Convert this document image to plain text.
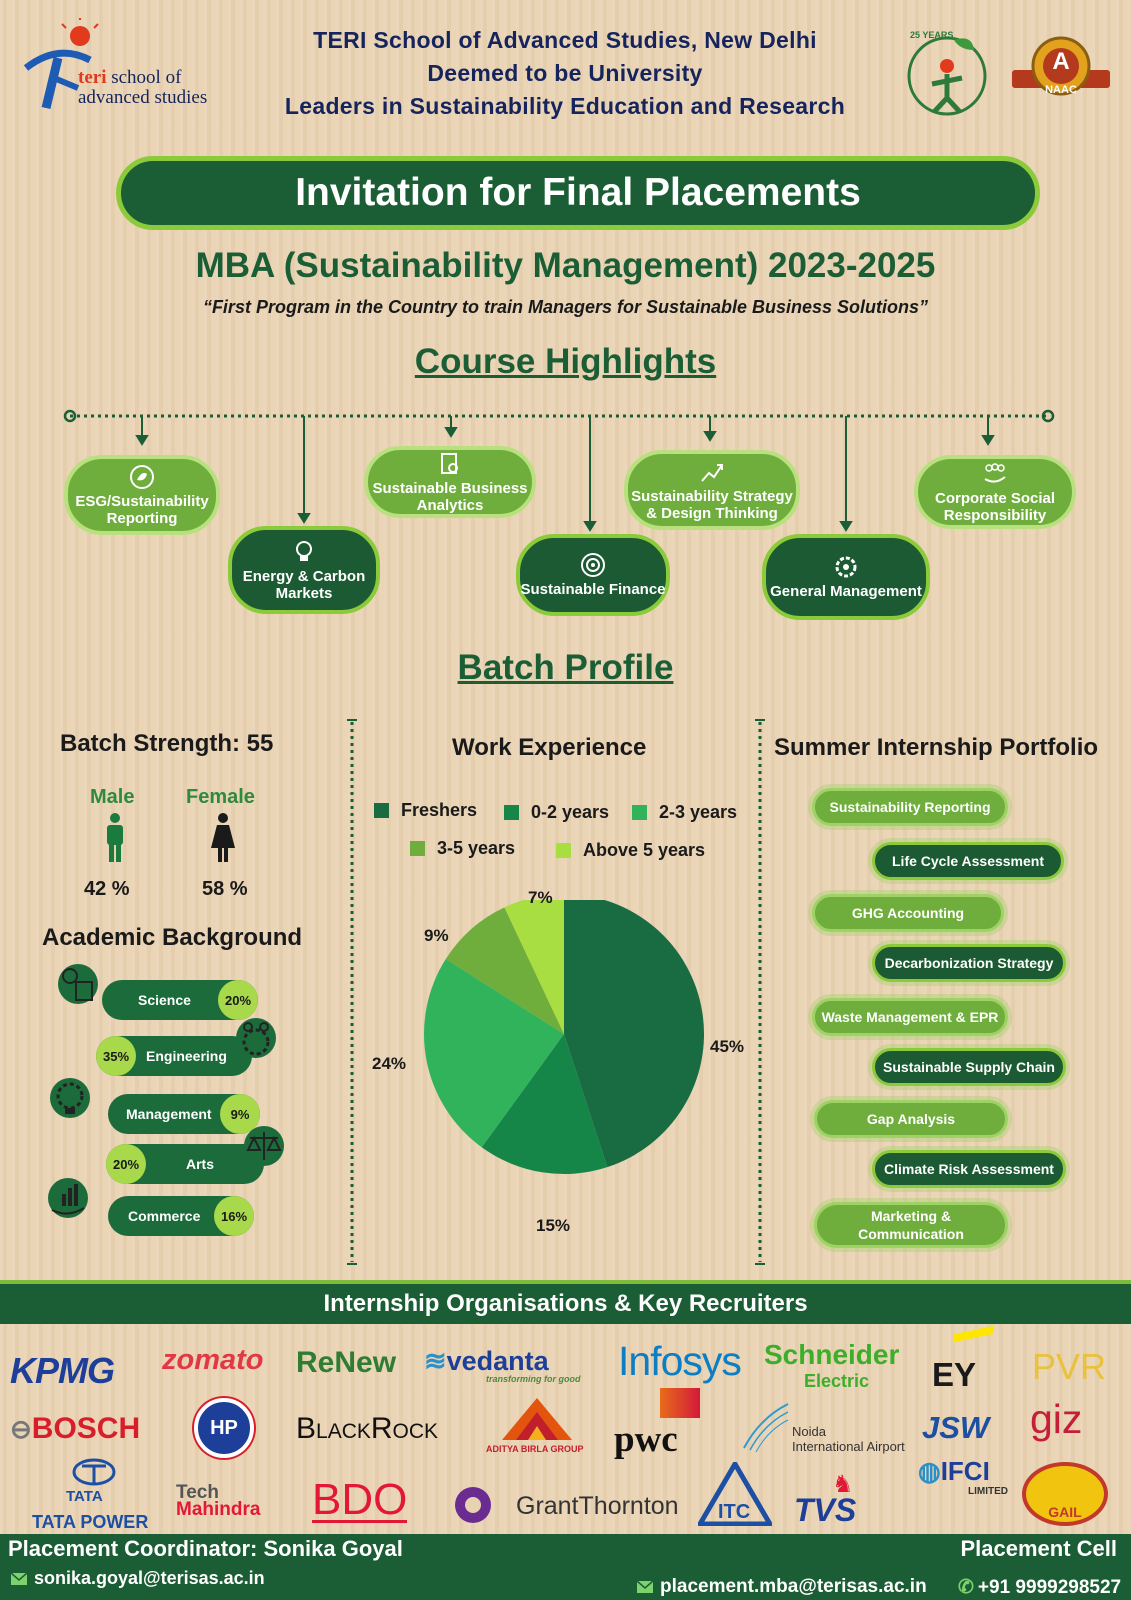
teri school of
advanced studies
TERI School of Advanced Studies, New Delhi
Deemed to be University
Leaders in Sustainability Education and Research
25 YEARS
A
NAAC
Invitation for Final Placements
MBA (Sustainability Management) 2023-2025
“First Program in the Country to train Managers for Sustainable Business Solutions”
Course Highlights
ESG/Sustainability Reporting
Energy & Carbon Markets
Sustainable Business Analytics
Sustainable Finance
Sustainability Strategy & Design Thinking
General Management
Corporate Social Responsibility
Batch Profile
Batch Strength: 55
Male	Female
42 %	58 %
Academic Background
Science	20%
35%	Engineering
Management	9%
20%	Arts
Commerce	16%
Work Experience
Freshers	0-2 years	2-3 years
3-5 years	Above 5 years
45%
15%
24%
9%
7%
Summer Internship Portfolio
Sustainability Reporting
Life Cycle Assessment
GHG Accounting
Decarbonization Strategy
Waste Management & EPR
Sustainable Supply Chain
Gap Analysis
Climate Risk Assessment
Marketing & Communication
Internship Organisations & Key Recruiters
KPMG zomato ReNew ≋vedanta
transforming for good Infosys Schneider
Electric	EY PVR
⊖BOSCH	HP	BlackRock
ADITYA BIRLA GROUP pwc	Noida
International Airport
JSW giz
TATA
TATA POWER
Tech
Mahindra BDO	GrantThornton ITC TVS
♞ ◍IFCI
LIMITED
GAIL
Placement Coordinator: Sonika Goyal
sonika.goyal@terisas.ac.in
Placement Cell
placement.mba@terisas.ac.in ✆ +91 9999298527
